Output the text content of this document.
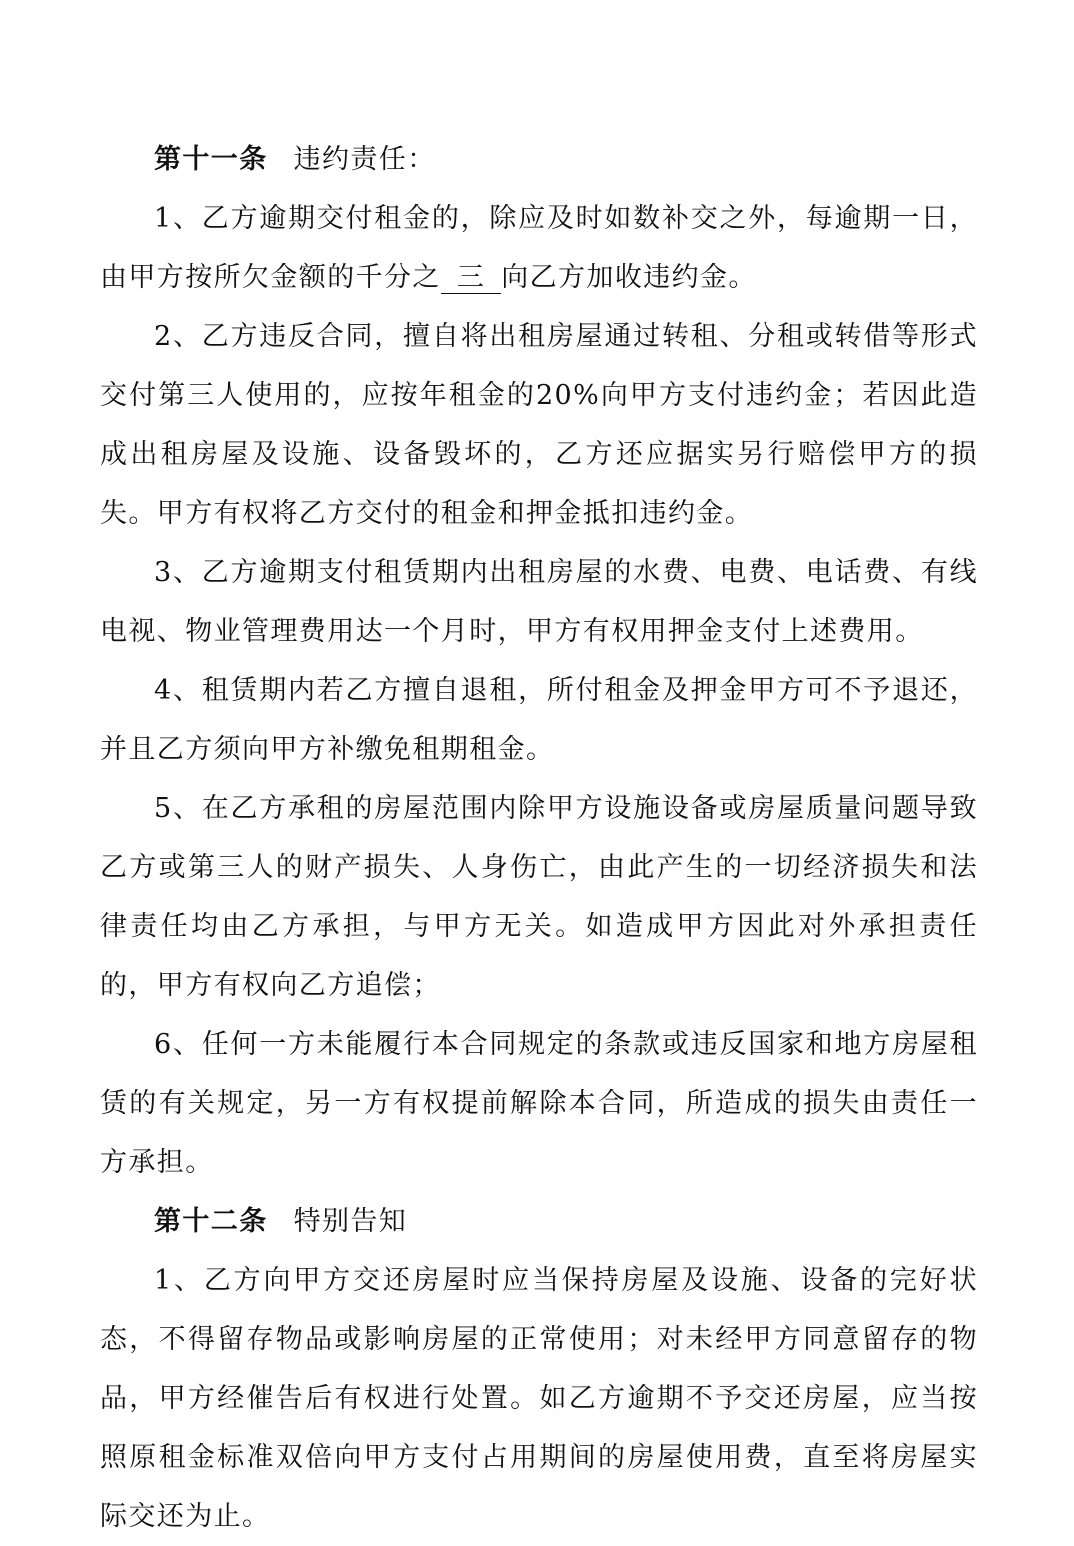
第十一条 违约责任：

1、乙方逾期交付租金的，除应及时如数补交之外，每逾期一日，由甲方按所欠金额的千分之 三 向乙方加收违约金。

2、乙方违反合同，擅自将出租房屋通过转租、分租或转借等形式交付第三人使用的，应按年租金的20%向甲方支付违约金；若因此造成出租房屋及设施、设备毁坏的，乙方还应据实另行赔偿甲方的损失。甲方有权将乙方交付的租金和押金抵扣违约金。

3、乙方逾期支付租赁期内出租房屋的水费、电费、电话费、有线电视、物业管理费用达一个月时，甲方有权用押金支付上述费用。

4、租赁期内若乙方擅自退租，所付租金及押金甲方可不予退还，并且乙方须向甲方补缴免租期租金。

5、在乙方承租的房屋范围内除甲方设施设备或房屋质量问题导致乙方或第三人的财产损失、人身伤亡，由此产生的一切经济损失和法律责任均由乙方承担，与甲方无关。如造成甲方因此对外承担责任的，甲方有权向乙方追偿；

6、任何一方未能履行本合同规定的条款或违反国家和地方房屋租赁的有关规定，另一方有权提前解除本合同，所造成的损失由责任一方承担。

第十二条 特别告知

1、乙方向甲方交还房屋时应当保持房屋及设施、设备的完好状态，不得留存物品或影响房屋的正常使用；对未经甲方同意留存的物品，甲方经催告后有权进行处置。如乙方逾期不予交还房屋，应当按照原租金标准双倍向甲方支付占用期间的房屋使用费，直至将房屋实际交还为止。
